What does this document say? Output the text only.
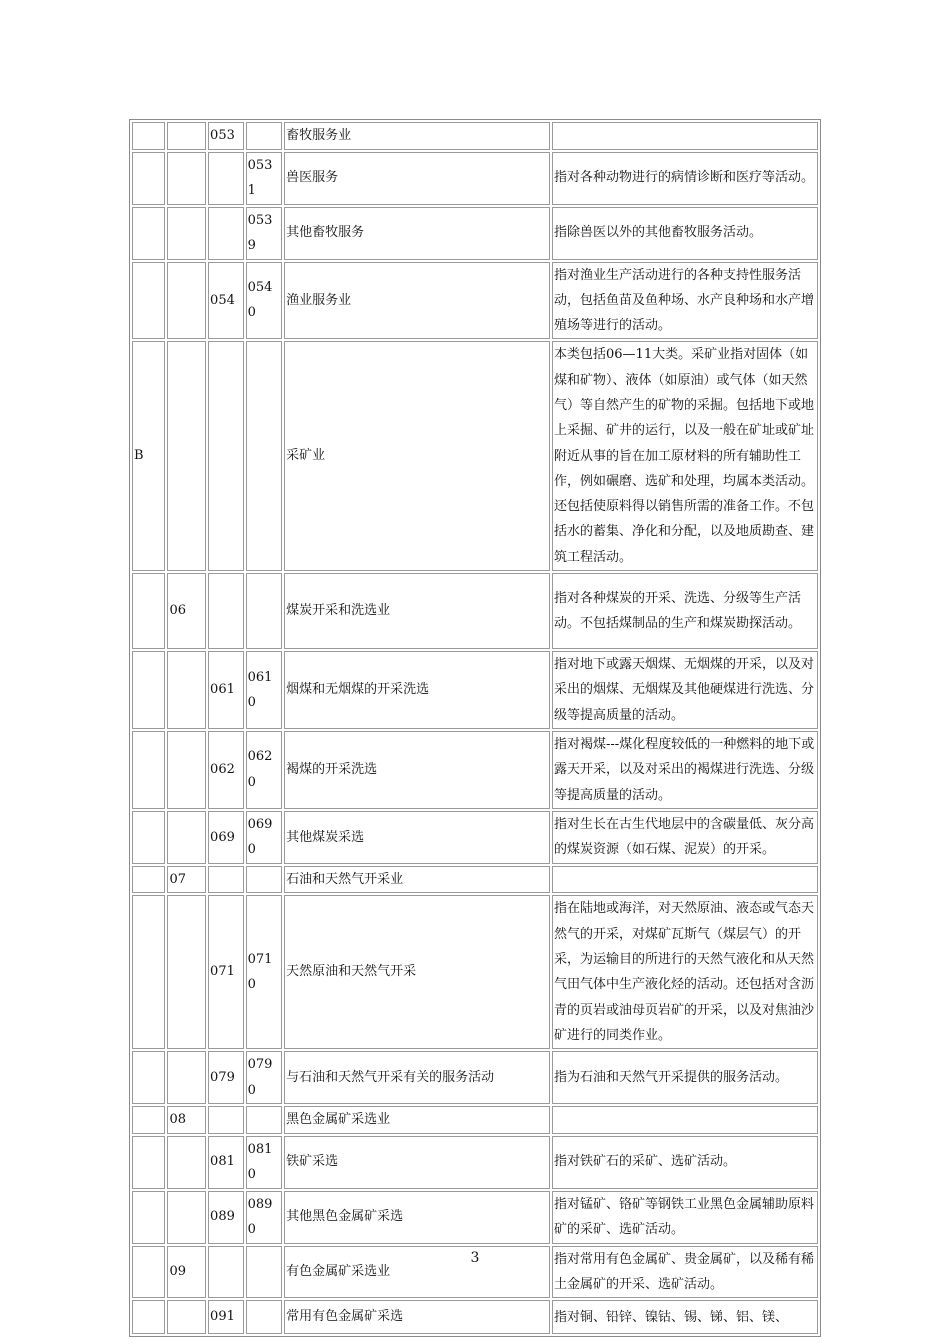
		053		畜牧服务业	
			0531	兽医服务	指对各种动物进行的病情诊断和医疗等活动。
			0539	其他畜牧服务	指除兽医以外的其他畜牧服务活动。
		054	0540	渔业服务业	指对渔业生产活动进行的各种支持性服务活动，包括鱼苗及鱼种场、水产良种场和水产增殖场等进行的活动。
B				采矿业	本类包括06—11大类。采矿业指对固体（如煤和矿物）、液体（如原油）或气体（如天然气）等自然产生的矿物的采掘。包括地下或地上采掘、矿井的运行，以及一般在矿址或矿址附近从事的旨在加工原材料的所有辅助性工作，例如碾磨、选矿和处理，均属本类活动。还包括使原料得以销售所需的准备工作。不包括水的蓄集、净化和分配，以及地质勘查、建筑工程活动。
	06			煤炭开采和洗选业	指对各种煤炭的开采、洗选、分级等生产活动。不包括煤制品的生产和煤炭勘探活动。
		061	0610	烟煤和无烟煤的开采洗选	指对地下或露天烟煤、无烟煤的开采，以及对采出的烟煤、无烟煤及其他硬煤进行洗选、分级等提高质量的活动。
		062	0620	褐煤的开采洗选	指对褐煤---煤化程度较低的一种燃料的地下或露天开采，以及对采出的褐煤进行洗选、分级等提高质量的活动。
		069	0690	其他煤炭采选	指对生长在古生代地层中的含碳量低、灰分高的煤炭资源（如石煤、泥炭）的开采。
	07			石油和天然气开采业	
		071	0710	天然原油和天然气开采	指在陆地或海洋，对天然原油、液态或气态天然气的开采，对煤矿瓦斯气（煤层气）的开采，为运输目的所进行的天然气液化和从天然气田气体中生产液化烃的活动。还包括对含沥青的页岩或油母页岩矿的开采，以及对焦油沙矿进行的同类作业。
		079	0790	与石油和天然气开采有关的服务活动	指为石油和天然气开采提供的服务活动。
	08			黑色金属矿采选业	
		081	0810	铁矿采选	指对铁矿石的采矿、选矿活动。
		089	0890	其他黑色金属矿采选	指对锰矿、铬矿等钢铁工业黑色金属辅助原料矿的采矿、选矿活动。
	09			有色金属矿采选业	指对常用有色金属矿、贵金属矿，以及稀有稀土金属矿的开采、选矿活动。
		091		常用有色金属矿采选	指对铜、铅锌、镍钴、锡、锑、铝、镁、
3
